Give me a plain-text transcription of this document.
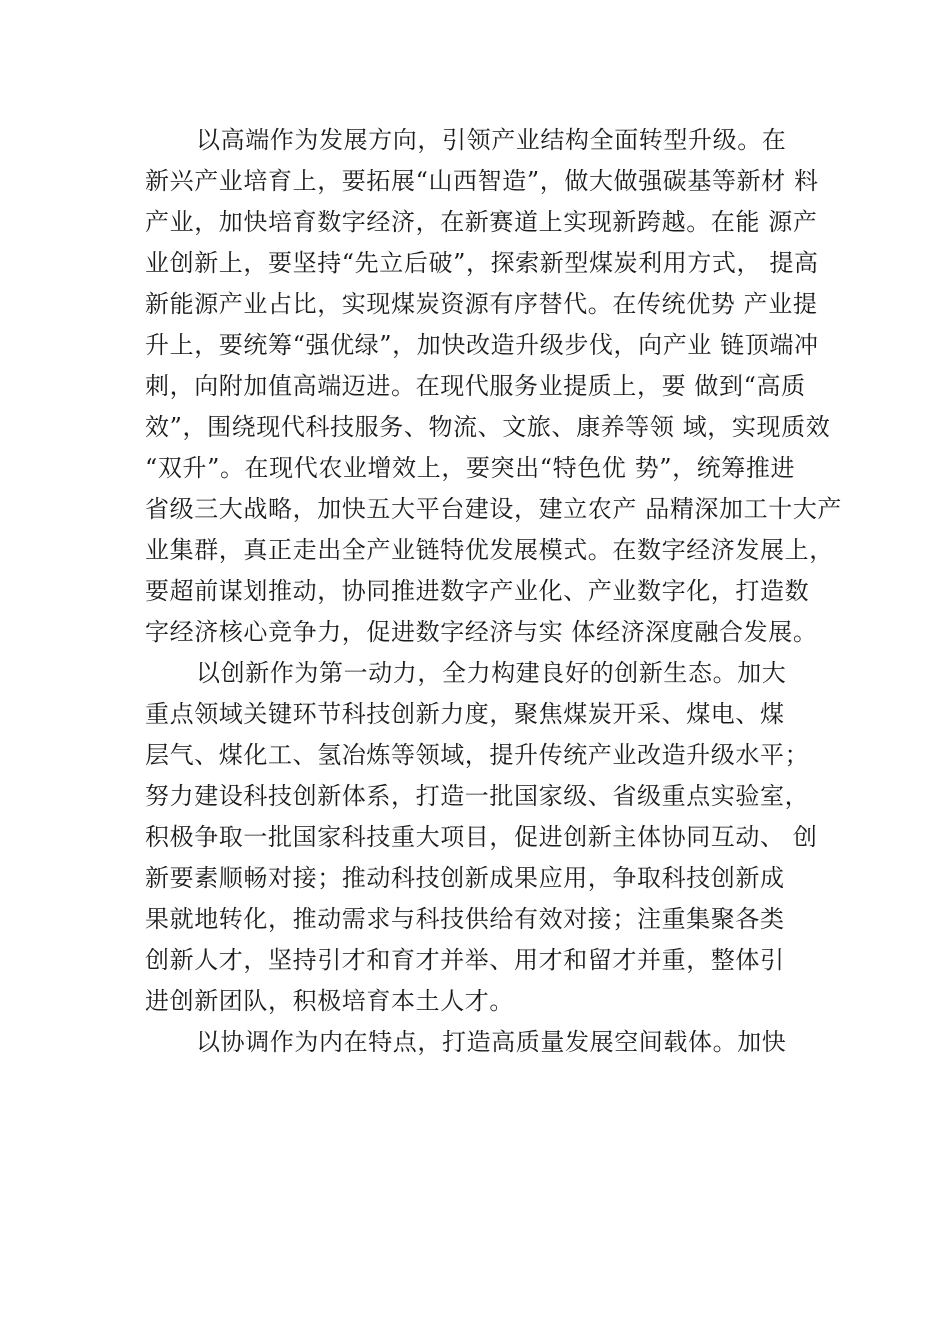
以高端作为发展方向，引领产业结构全面转型升级。在
新兴产业培育上，要拓展“山西智造”，做大做强碳基等新材 料
产业，加快培育数字经济，在新赛道上实现新跨越。在能 源产
业创新上，要坚持“先立后破”，探索新型煤炭利用方式， 提高
新能源产业占比，实现煤炭资源有序替代。在传统优势 产业提
升上，要统筹“强优绿”，加快改造升级步伐，向产业 链顶端冲
刺，向附加值高端迈进。在现代服务业提质上，要 做到“高质
效”，围绕现代科技服务、物流、文旅、康养等领 域，实现质效
“双升”。在现代农业增效上，要突出“特色优 势”，统筹推进
省级三大战略，加快五大平台建设，建立农产 品精深加工十大产
业集群，真正走出全产业链特优发展模式。在数字经济发展上，
要超前谋划推动，协同推进数字产业化、产业数字化，打造数
字经济核心竞争力，促进数字经济与实 体经济深度融合发展。
以创新作为第一动力，全力构建良好的创新生态。加大
重点领域关键环节科技创新力度，聚焦煤炭开采、煤电、煤
层气、煤化工、氢冶炼等领域，提升传统产业改造升级水平；
努力建设科技创新体系，打造一批国家级、省级重点实验室，
积极争取一批国家科技重大项目，促进创新主体协同互动、 创
新要素顺畅对接；推动科技创新成果应用，争取科技创新成
果就地转化，推动需求与科技供给有效对接；注重集聚各类
创新人才，坚持引才和育才并举、用才和留才并重，整体引
进创新团队，积极培育本土人才。
以协调作为内在特点，打造高质量发展空间载体。加快
